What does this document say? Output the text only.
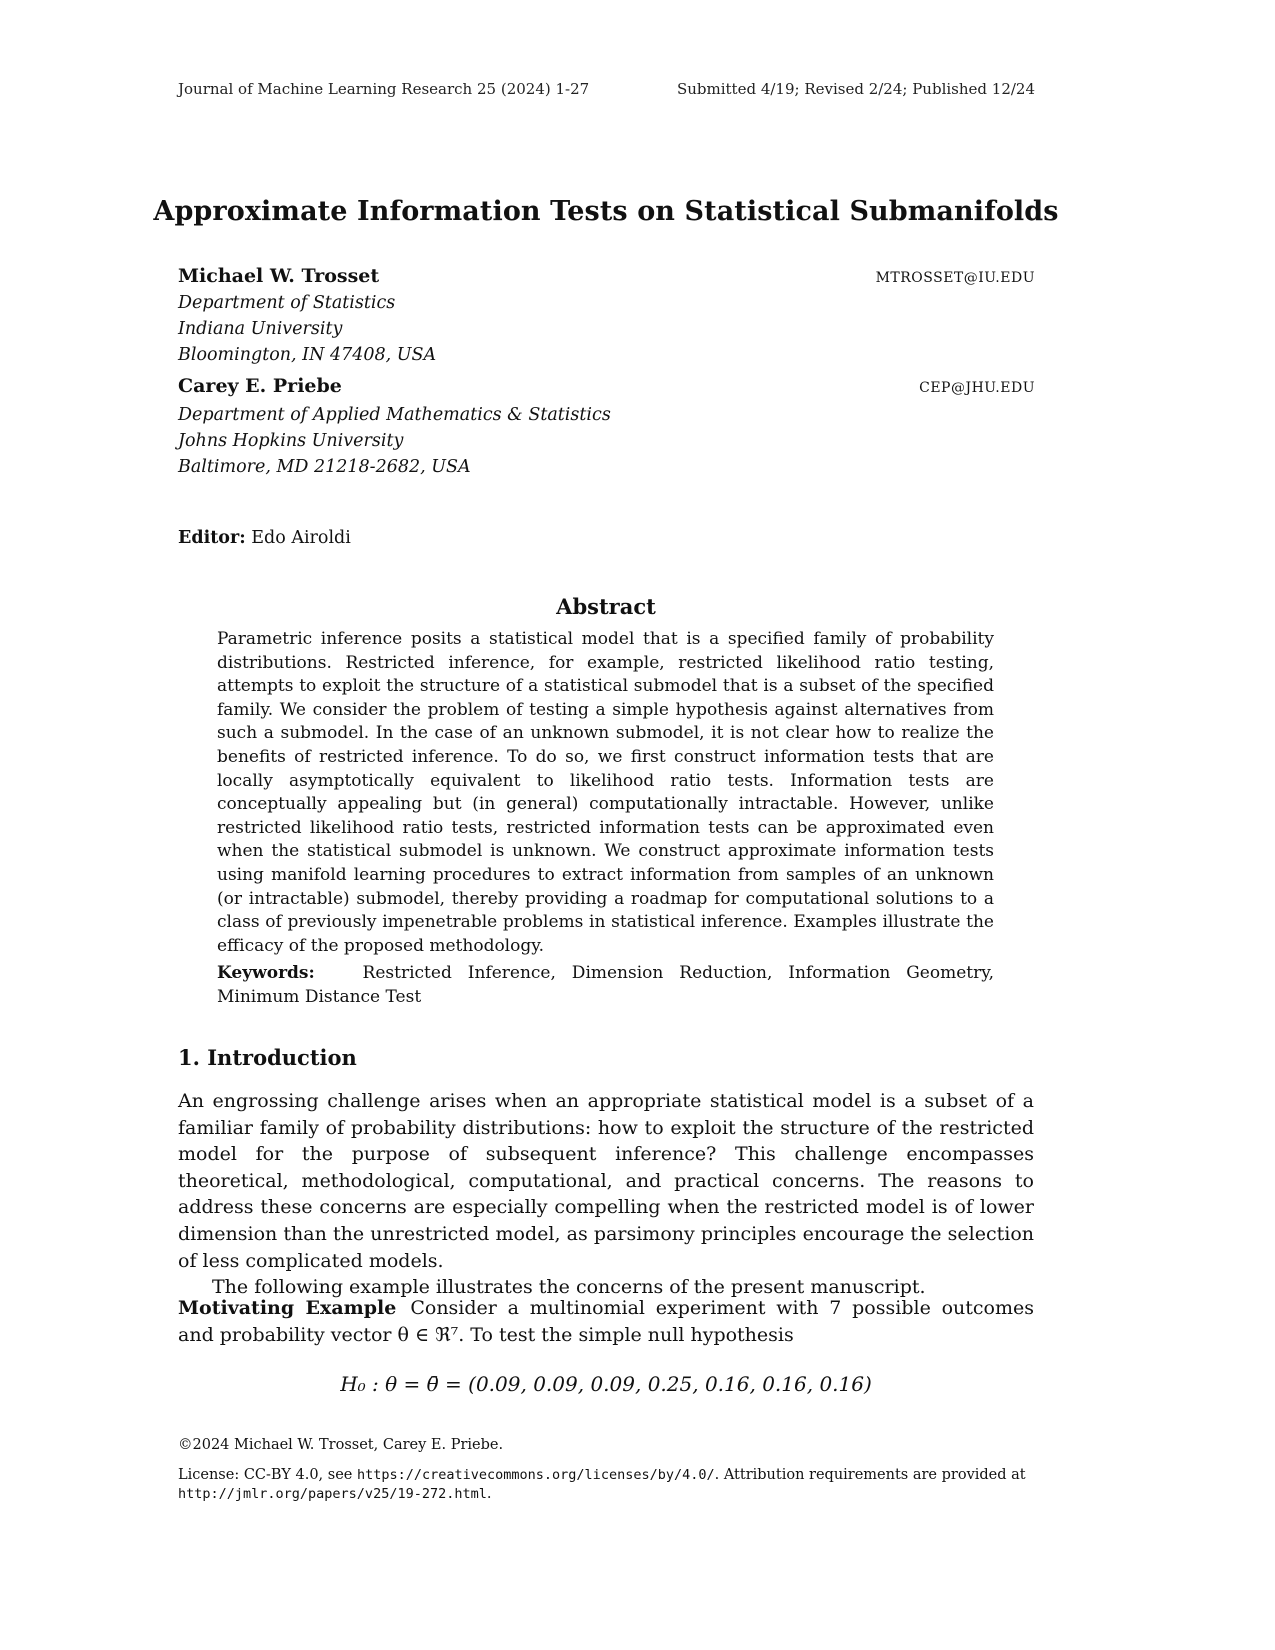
Journal of Machine Learning Research 25 (2024) 1-27	Submitted 4/19; Revised 2/24; Published 12/24
Approximate Information Tests on Statistical Submanifolds
Michael W. Trosset	MTROSSET@IU.EDU
Department of Statistics
Indiana University
Bloomington, IN 47408, USA
Carey E. Priebe	CEP@JHU.EDU
Department of Applied Mathematics & Statistics
Johns Hopkins University
Baltimore, MD 21218-2682, USA
Editor: Edo Airoldi
Abstract
Parametric inference posits a statistical model that is a specified family of probability distributions. Restricted inference, for example, restricted likelihood ratio testing, attempts to exploit the structure of a statistical submodel that is a subset of the specified family. We consider the problem of testing a simple hypothesis against alternatives from such a submodel. In the case of an unknown submodel, it is not clear how to realize the benefits of restricted inference. To do so, we first construct information tests that are locally asymptotically equivalent to likelihood ratio tests. Information tests are conceptually appealing but (in general) computationally intractable. However, unlike restricted likelihood ratio tests, restricted information tests can be approximated even when the statistical submodel is unknown. We construct approximate information tests using manifold learning procedures to extract information from samples of an unknown (or intractable) submodel, thereby providing a roadmap for computational solutions to a class of previously impenetrable problems in statistical inference. Examples illustrate the efficacy of the proposed methodology.
Keywords:	Restricted Inference, Dimension Reduction, Information Geometry, Minimum Distance Test
1. Introduction

An engrossing challenge arises when an appropriate statistical model is a subset of a familiar family of probability distributions: how to exploit the structure of the restricted model for the purpose of subsequent inference? This challenge encompasses theoretical, methodological, computational, and practical concerns. The reasons to address these concerns are especially compelling when the restricted model is of lower dimension than the unrestricted model, as parsimony principles encourage the selection of less complicated models.

The following example illustrates the concerns of the present manuscript.

Motivating Example Consider a multinomial experiment with 7 possible outcomes and probability vector θ ∈ ℜ⁷. To test the simple null hypothesis
H₀ : θ = θ̄ = (0.09, 0.09, 0.09, 0.25, 0.16, 0.16, 0.16)
©2024 Michael W. Trosset, Carey E. Priebe.
License: CC-BY 4.0, see https://creativecommons.org/licenses/by/4.0/. Attribution requirements are provided at http://jmlr.org/papers/v25/19-272.html.
